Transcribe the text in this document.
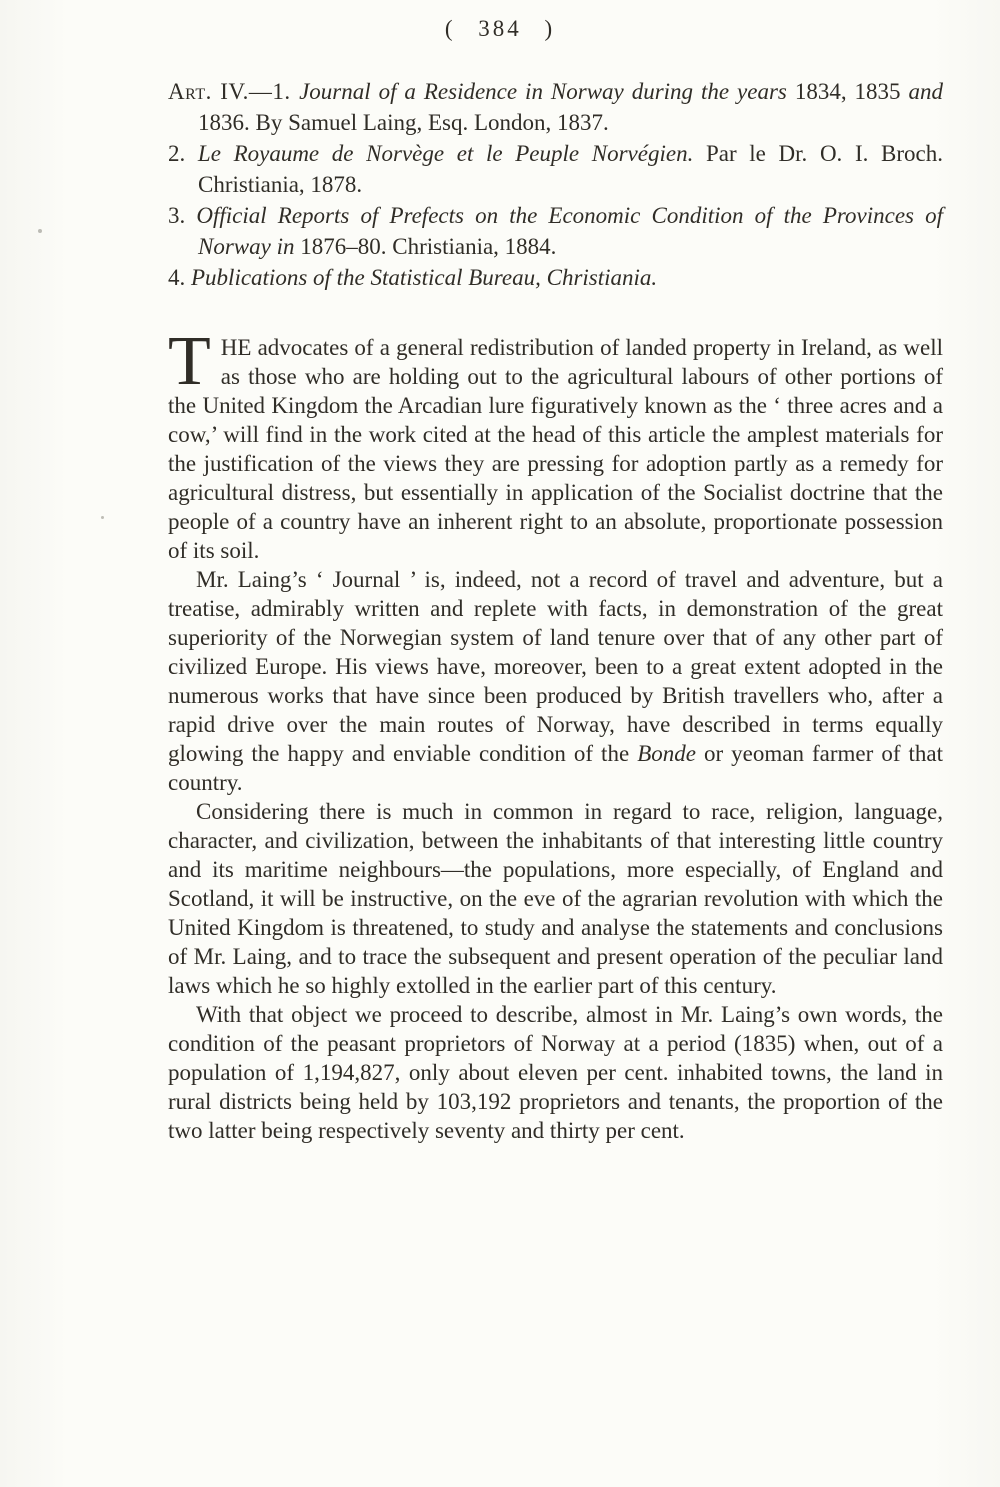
( 384 )

Art. IV.—1. Journal of a Residence in Norway during the years 1834, 1835 and 1836. By Samuel Laing, Esq. London, 1837.

2. Le Royaume de Norvège et le Peuple Norvégien. Par le Dr. O. I. Broch. Christiania, 1878.

3. Official Reports of Prefects on the Economic Condition of the Provinces of Norway in 1876–80. Christiania, 1884.

4. Publications of the Statistical Bureau, Christiania.

THE advocates of a general redistribution of landed property in Ireland, as well as those who are holding out to the agricultural labours of other portions of the United Kingdom the Arcadian lure figuratively known as the ‘ three acres and a cow,’ will find in the work cited at the head of this article the amplest materials for the justification of the views they are pressing for adoption partly as a remedy for agricultural distress, but essentially in application of the Socialist doctrine that the people of a country have an inherent right to an absolute, proportionate possession of its soil.

Mr. Laing’s ‘ Journal ’ is, indeed, not a record of travel and adventure, but a treatise, admirably written and replete with facts, in demonstration of the great superiority of the Norwegian system of land tenure over that of any other part of civilized Europe. His views have, moreover, been to a great extent adopted in the numerous works that have since been produced by British travellers who, after a rapid drive over the main routes of Norway, have described in terms equally glowing the happy and enviable condition of the Bonde or yeoman farmer of that country.

Considering there is much in common in regard to race, religion, language, character, and civilization, between the inhabitants of that interesting little country and its maritime neighbours—the populations, more especially, of England and Scotland, it will be instructive, on the eve of the agrarian revolution with which the United Kingdom is threatened, to study and analyse the statements and conclusions of Mr. Laing, and to trace the subsequent and present operation of the peculiar land laws which he so highly extolled in the earlier part of this century.

With that object we proceed to describe, almost in Mr. Laing’s own words, the condition of the peasant proprietors of Norway at a period (1835) when, out of a population of 1,194,827, only about eleven per cent. inhabited towns, the land in rural districts being held by 103,192 proprietors and tenants, the proportion of the two latter being respectively seventy and thirty per cent.
